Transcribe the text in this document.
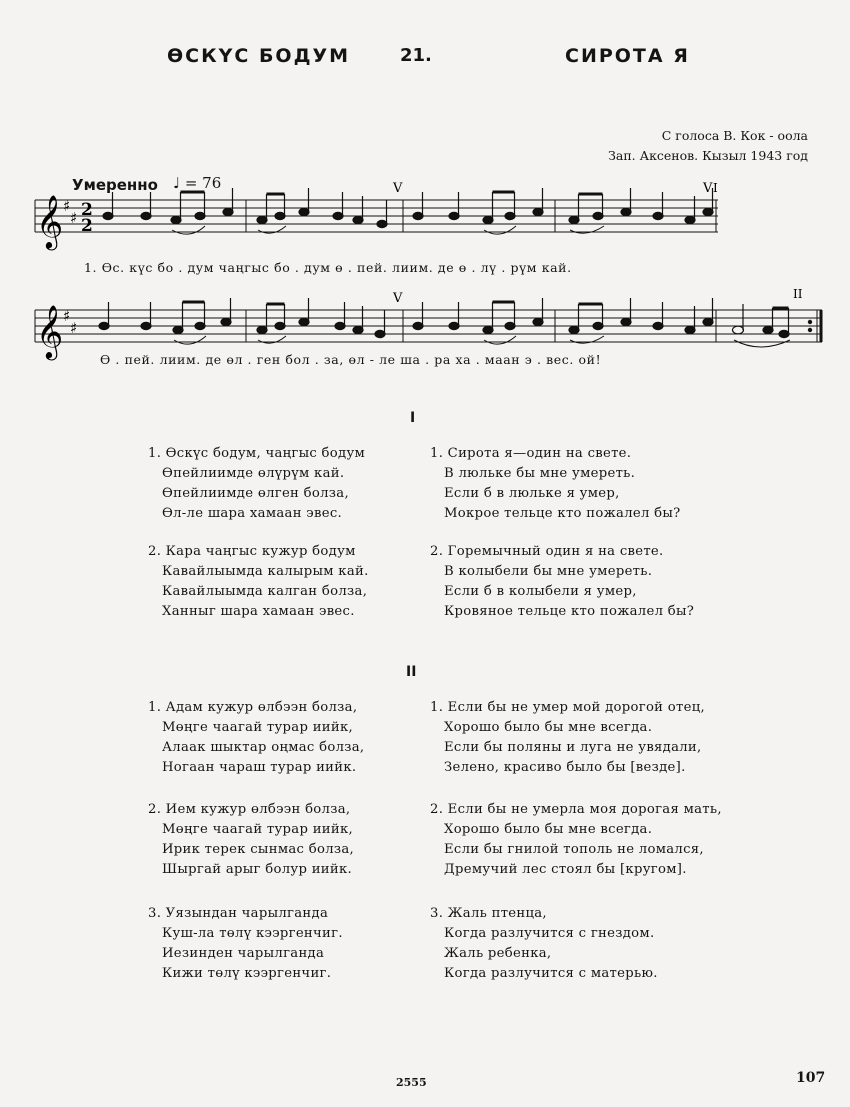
ӨСКҮС БОДУМ	21.	СИРОТА Я
С голоса В. Кок - оола
Зап. Аксенов. Кызыл 1943 год
Умеренно ♩ = 76
𝄞 ♯
♯ 2
2
V	V I
1. Өс. күс бо . дум чаңгыс бо . дум ө . пей. лиим. де ө . лү . рүм кай.
𝄞 ♯
♯
V	II
Ө . пей. лиим. де өл . ген бол . за, өл - ле ша . ра ха . маан э . вес. ой!
I
1. Өскүс бодум, чаңгыс бодум
Өпейлиимде өлүрүм кай.
Өпейлиимде өлген болза,
Өл-ле шара хамаан эвес.
1. Сирота я—один на свете.
В люльке бы мне умереть.
Если б в люльке я умер,
Мокрое тельце кто пожалел бы?
2. Кара чаңгыс кужур бодум
Кавайлыымда калырым кай.
Кавайлыымда калган болза,
Ханныг шара хамаан эвес.
2. Горемычный один я на свете.
В колыбели бы мне умереть.
Если б в колыбели я умер,
Кровяное тельце кто пожалел бы?
II
1. Адам кужур өлбээн болза,
Мөңге чаагай турар иийк,
Алаак шыктар оңмас болза,
Ногаан чараш турар иийк.
1. Если бы не умер мой дорогой отец,
Хорошо было бы мне всегда.
Если бы поляны и луга не увядали,
Зелено, красиво было бы [везде].
2. Ием кужур өлбээн болза,
Мөңге чаагай турар иийк,
Ирик терек сынмас болза,
Шыргай арыг болур иийк.
2. Если бы не умерла моя дорогая мать,
Хорошо было бы мне всегда.
Если бы гнилой тополь не ломался,
Дремучий лес стоял бы [кругом].
3. Уязындан чарылганда
Куш-ла төлү кээргенчиг.
Иезинден чарылганда
Кижи төлү кээргенчиг.
3. Жаль птенца,
Когда разлучится с гнездом.
Жаль ребенка,
Когда разлучится с матерью.
2555	107
